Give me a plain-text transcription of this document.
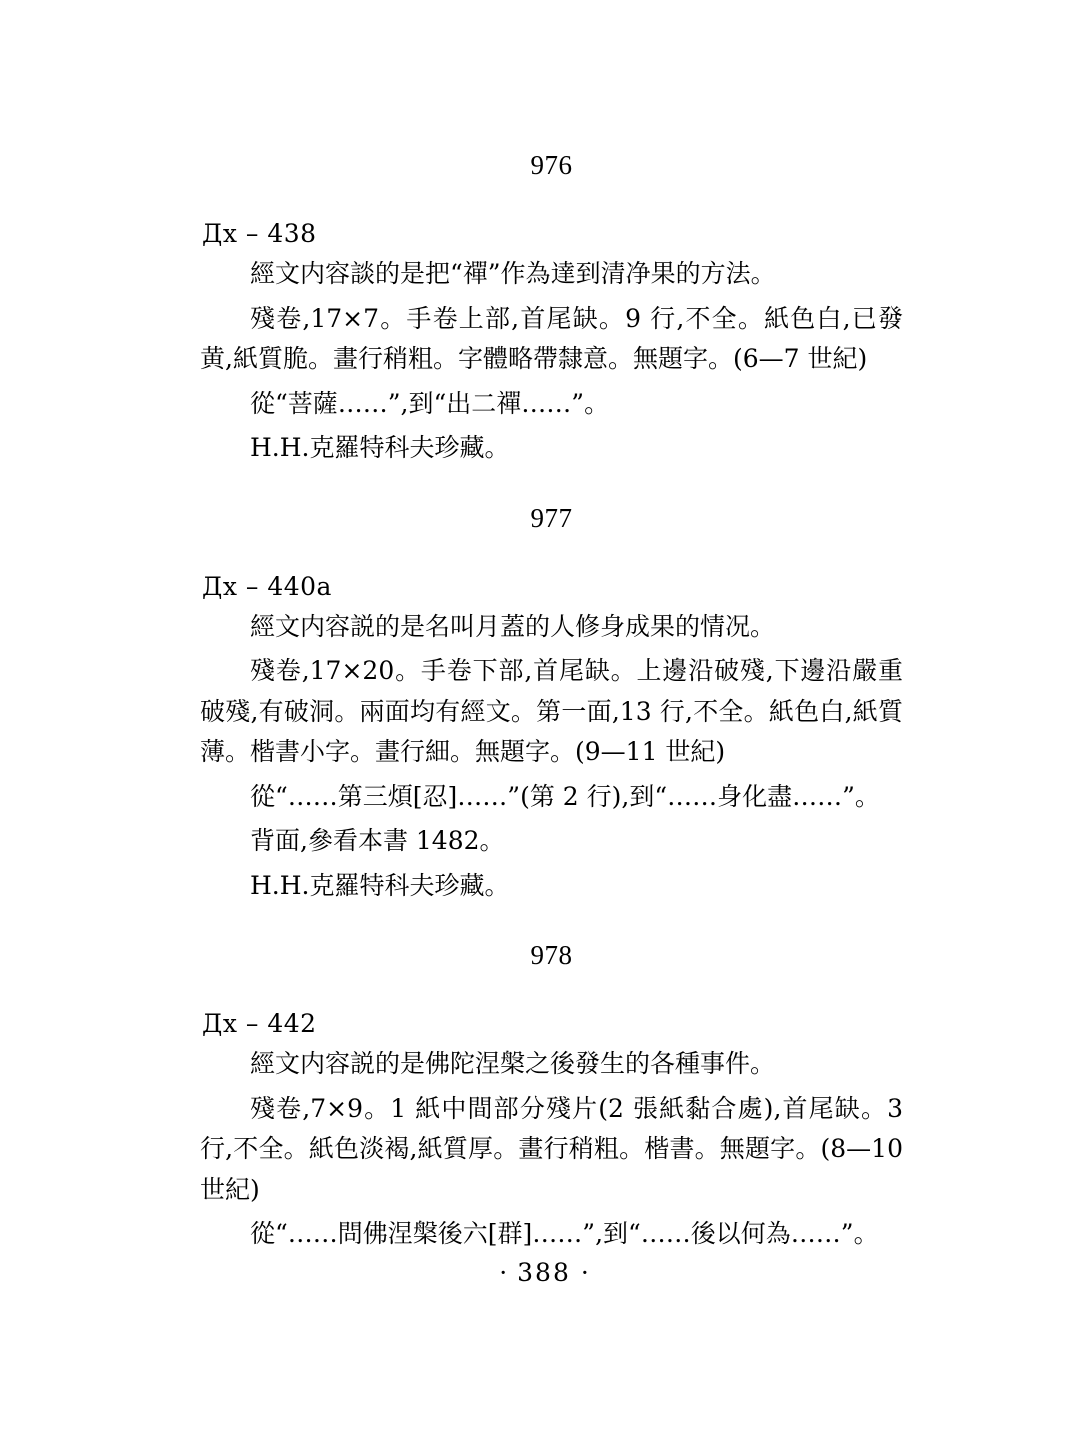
976
Дх – 438

經文内容談的是把“禪”作為達到清净果的方法。

殘卷,17×7。手卷上部,首尾缺。9 行,不全。紙色白,已發黄,紙質脆。畫行稍粗。字體略帶隸意。無題字。(6—7 世紀)

從“菩薩……”,到“出二禪……”。

H.H.克羅特科夫珍藏。

977
Дх – 440a

經文内容説的是名叫月蓋的人修身成果的情况。

殘卷,17×20。手卷下部,首尾缺。上邊沿破殘,下邊沿嚴重破殘,有破洞。兩面均有經文。第一面,13 行,不全。紙色白,紙質薄。楷書小字。畫行細。無題字。(9—11 世紀)

從“……第三煩[忍]……”(第 2 行),到“……身化盡……”。

背面,參看本書 1482。

H.H.克羅特科夫珍藏。

978
Дх – 442

經文内容説的是佛陀涅槃之後發生的各種事件。

殘卷,7×9。1 紙中間部分殘片(2 張紙黏合處),首尾缺。3 行,不全。紙色淡褐,紙質厚。畫行稍粗。楷書。無題字。(8—10 世紀)

從“……問佛涅槃後六[群]……”,到“……後以何為……”。

· 388 ·
